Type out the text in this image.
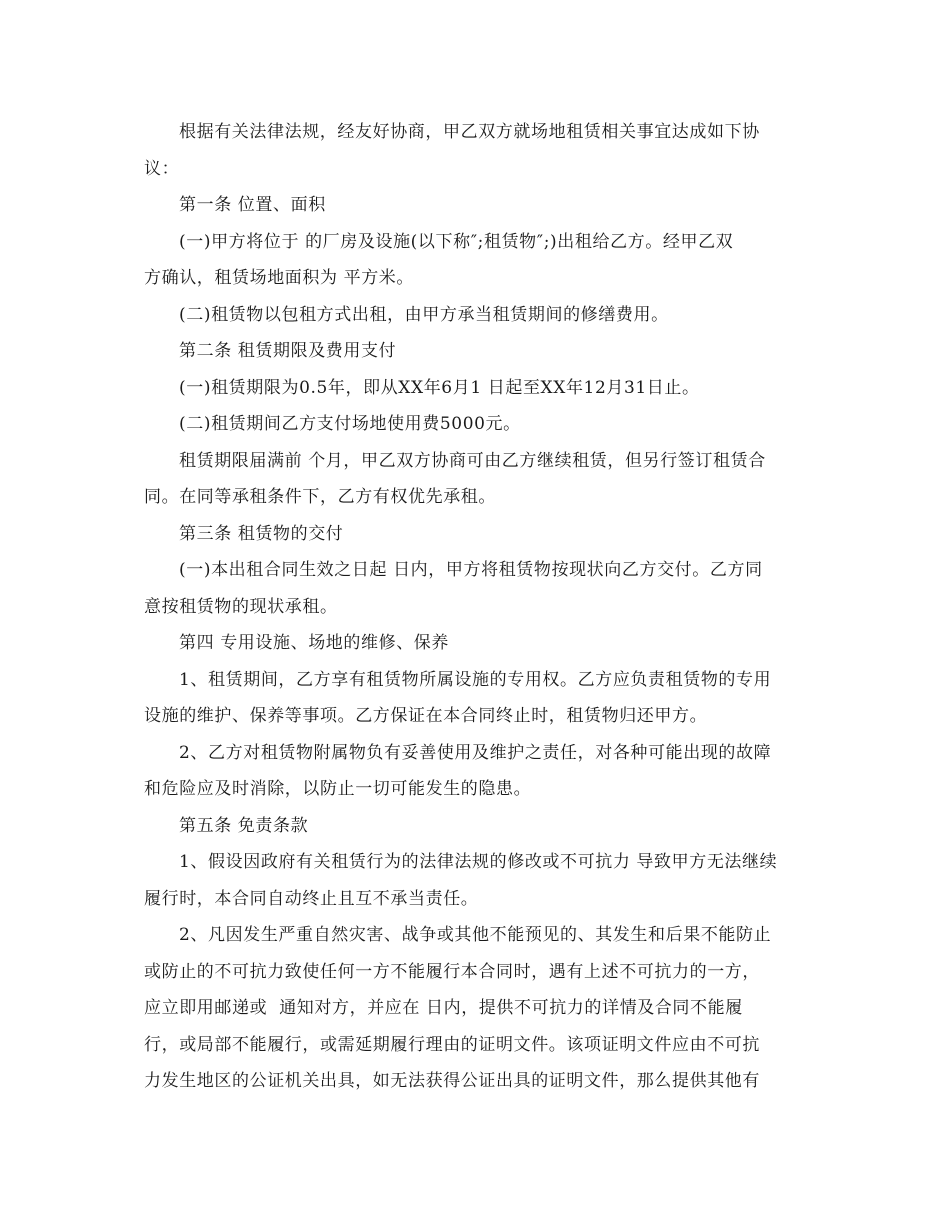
根据有关法律法规，经友好协商，甲乙双方就场地租赁相关事宜达成如下协

议：

第一条 位置、面积

(一)甲方将位于 的厂房及设施(以下称″;租赁物″;)出租给乙方。经甲乙双

方确认，租赁场地面积为 平方米。

(二)租赁物以包租方式出租，由甲方承当租赁期间的修缮费用。

第二条 租赁期限及费用支付

(一)租赁期限为0.5年，即从XX年6月1 日起至XX年12月31日止。

(二)租赁期间乙方支付场地使用费5000元。

租赁期限届满前 个月，甲乙双方协商可由乙方继续租赁，但另行签订租赁合

同。在同等承租条件下，乙方有权优先承租。

第三条 租赁物的交付

(一)本出租合同生效之日起 日内，甲方将租赁物按现状向乙方交付。乙方同

意按租赁物的现状承租。

第四 专用设施、场地的维修、保养

1、租赁期间，乙方享有租赁物所属设施的专用权。乙方应负责租赁物的专用

设施的维护、保养等事项。乙方保证在本合同终止时，租赁物归还甲方。

2、乙方对租赁物附属物负有妥善使用及维护之责任，对各种可能出现的故障

和危险应及时消除，以防止一切可能发生的隐患。

第五条 免责条款

1、假设因政府有关租赁行为的法律法规的修改或不可抗力 导致甲方无法继续

履行时，本合同自动终止且互不承当责任。

2、凡因发生严重自然灾害、战争或其他不能预见的、其发生和后果不能防止

或防止的不可抗力致使任何一方不能履行本合同时，遇有上述不可抗力的一方，

应立即用邮递或  通知对方，并应在 日内，提供不可抗力的详情及合同不能履

行，或局部不能履行，或需延期履行理由的证明文件。该项证明文件应由不可抗

力发生地区的公证机关出具，如无法获得公证出具的证明文件，那么提供其他有
